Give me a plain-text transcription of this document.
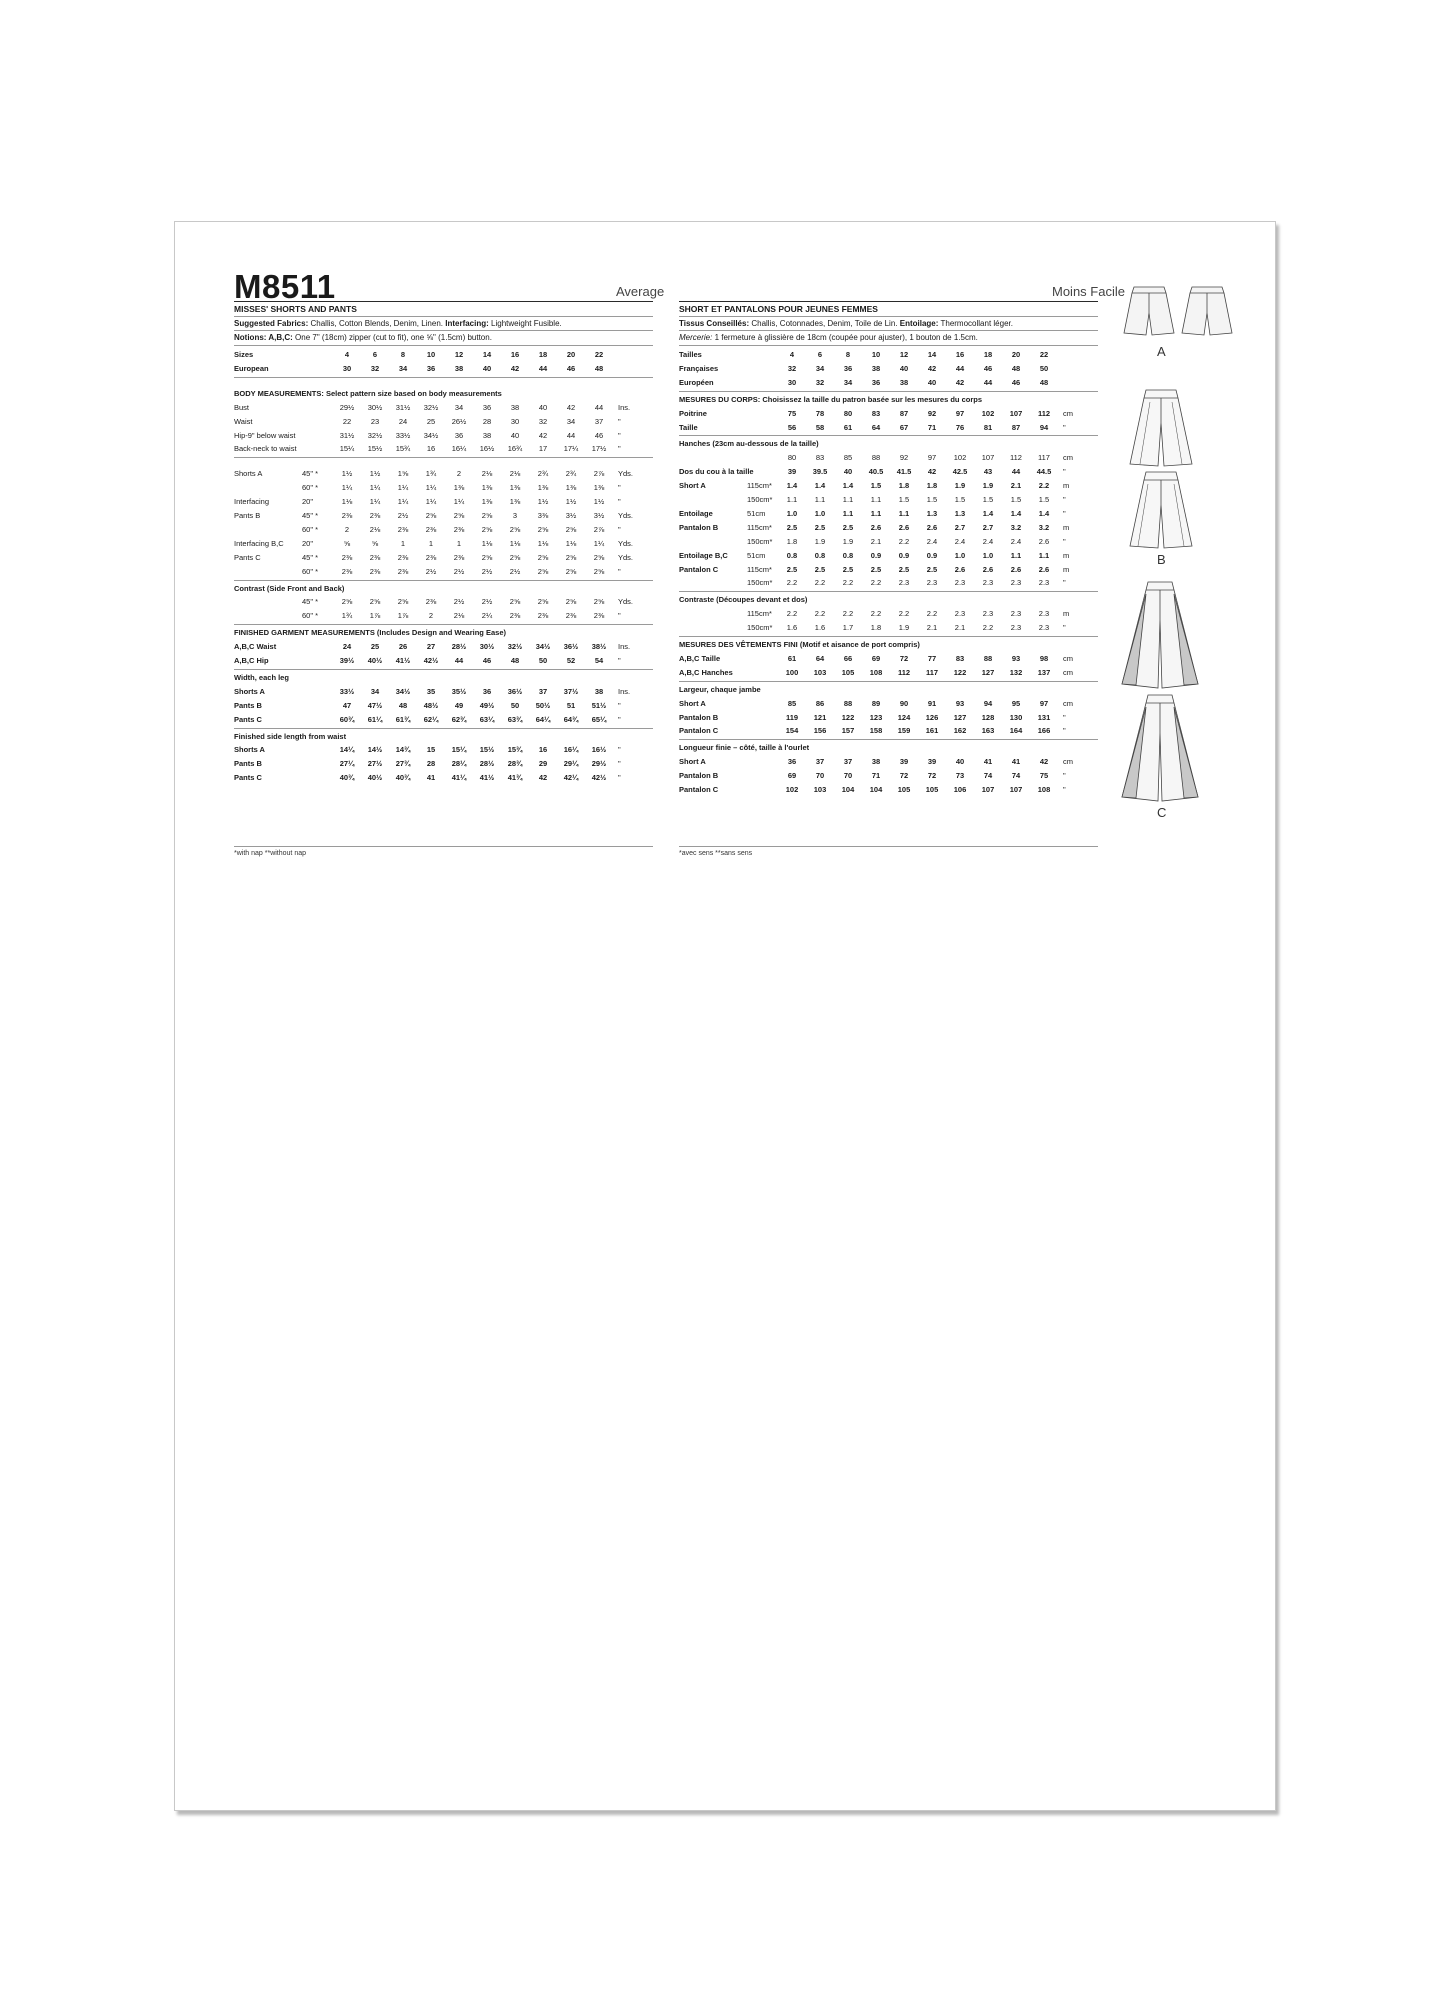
M8511	Average	Moins Facile
MISSES' SHORTS AND PANTS
Suggested Fabrics: Challis, Cotton Blends, Denim, Linen. Interfacing: Lightweight Fusible.
Notions: A,B,C: One 7" (18cm) zipper (cut to fit), one ⅝" (1.5cm) button.
SHORT ET PANTALONS POUR JEUNES FEMMES
Tissus Conseillés: Challis, Cotonnades, Denim, Toile de Lin. Entoilage: Thermocollant léger.
Mercerie: 1 fermeture à glissière de 18cm (coupée pour ajuster), 1 bouton de 1.5cm.
Sizes	4	6	8	10	12	14	16	18	20	22
European	30	32	34	36	38	40	42	44	46	48
BODY MEASUREMENTS: Select pattern size based on body measurements
Bust	29½	30½	31½	32½	34	36	38	40	42	44	Ins.
Waist	22	23	24	25	26½	28	30	32	34	37	"
Hip-9" below waist	31½	32½	33½	34½	36	38	40	42	44	46	"
Back-neck to waist	15¼	15½	15¾	16	16¼	16½	16¾	17	17¼	17½	"
Shorts A	45" *	1½	1½	1⅝	1¾	2	2⅛	2⅛	2¾	2¾	2⅞	Yds.
60" *	1¼	1¼	1¼	1¼	1⅜	1⅜	1⅜	1⅜	1⅜	1⅜	"
Interfacing	20"	1⅛	1¼	1¼	1¼	1¼	1⅜	1⅜	1½	1½	1½	"
Pants B	45" *	2⅜	2⅜	2½	2⅝	2⅝	2⅝	3	3⅜	3½	3½	Yds.
60" *	2	2⅛	2⅜	2⅜	2⅜	2⅝	2⅝	2⅝	2⅝	2⅞	"
Interfacing B,C 20"	⅝	⅝	1	1	1	1⅛	1⅛	1⅛	1⅛	1¼	Yds.
Pants C	45" *	2⅜	2⅜	2⅜	2⅜	2⅜	2⅝	2⅝	2⅝	2⅝	2⅝	Yds.
60" *	2⅜	2⅜	2⅜	2½	2½	2½	2½	2⅝	2⅝	2⅝	"
Contrast (Side Front and Back)
45" *	2⅝	2⅝	2⅝	2⅜	2½	2½	2⅝	2⅝	2⅝	2⅝	Yds.
60" *	1¾	1⅞	1⅞	2	2⅛	2¼	2⅜	2⅜	2⅜	2⅜	"
FINISHED GARMENT MEASUREMENTS (Includes Design and Wearing Ease)
A,B,C Waist	24	25	26	27	28½	30½	32½	34½	36½	38½	Ins.
A,B,C Hip	39½	40½	41½	42½	44	46	48	50	52	54	"
Width, each leg
Shorts A	33½	34	34½	35	35½	36	36½	37	37½	38	Ins.
Pants B	47	47½	48	48½	49	49½	50	50½	51	51½	"
Pants C	60¾	61¼	61¾	62¼	62¾	63¼	63¾	64¼	64¾	65¼	"
Finished side length from waist
Shorts A	14¼	14½	14¾	15	15¼	15½	15¾	16	16¼	16½	"
Pants B	27¼	27½	27¾	28	28¼	28½	28¾	29	29¼	29½	"
Pants C	40¾	40½	40¾	41	41¼	41½	41¾	42	42¼	42½	"
Tailles	4	6	8	10	12	14	16	18	20	22
Françaises	32	34	36	38	40	42	44	46	48	50
Européen	30	32	34	36	38	40	42	44	46	48
MESURES DU CORPS: Choisissez la taille du patron basée sur les mesures du corps
Poitrine	75	78	80	83	87	92	97	102	107	112	cm
Taille	56	58	61	64	67	71	76	81	87	94	"
Hanches (23cm au-dessous de la taille)
80	83	85	88	92	97	102	107	112	117	cm
Dos du cou à la taille	39	39.5	40	40.5	41.5	42	42.5	43	44	44.5	"
Short A	115cm*	1.4	1.4	1.4	1.5	1.8	1.8	1.9	1.9	2.1	2.2	m
150cm*	1.1	1.1	1.1	1.1	1.5	1.5	1.5	1.5	1.5	1.5	"
Entoilage	51cm	1.0	1.0	1.1	1.1	1.1	1.3	1.3	1.4	1.4	1.4	"
Pantalon B	115cm*	2.5	2.5	2.5	2.6	2.6	2.6	2.7	2.7	3.2	3.2	m
150cm*	1.8	1.9	1.9	2.1	2.2	2.4	2.4	2.4	2.4	2.6	"
Entoilage B,C	51cm	0.8	0.8	0.8	0.9	0.9	0.9	1.0	1.0	1.1	1.1	m
Pantalon C	115cm*	2.5	2.5	2.5	2.5	2.5	2.5	2.6	2.6	2.6	2.6	m
150cm*	2.2	2.2	2.2	2.2	2.3	2.3	2.3	2.3	2.3	2.3	"
Contraste (Découpes devant et dos)
115cm*	2.2	2.2	2.2	2.2	2.2	2.2	2.3	2.3	2.3	2.3	m
150cm*	1.6	1.6	1.7	1.8	1.9	2.1	2.1	2.2	2.3	2.3	"
MESURES DES VÊTEMENTS FINI (Motif et aisance de port compris)
A,B,C Taille	61	64	66	69	72	77	83	88	93	98	cm
A,B,C Hanches	100	103	105	108	112	117	122	127	132	137	cm
Largeur, chaque jambe
Short A	85	86	88	89	90	91	93	94	95	97	cm
Pantalon B	119	121	122	123	124	126	127	128	130	131	"
Pantalon C	154	156	157	158	159	161	162	163	164	166	"
Longueur finie – côté, taille à l'ourlet
Short A	36	37	37	38	39	39	40	41	41	42	cm
Pantalon B	69	70	70	71	72	72	73	74	74	75	"
Pantalon C	102	103	104	104	105	105	106	107	107	108	"
*with nap **without nap	*avec sens **sans sens
A
B
C
